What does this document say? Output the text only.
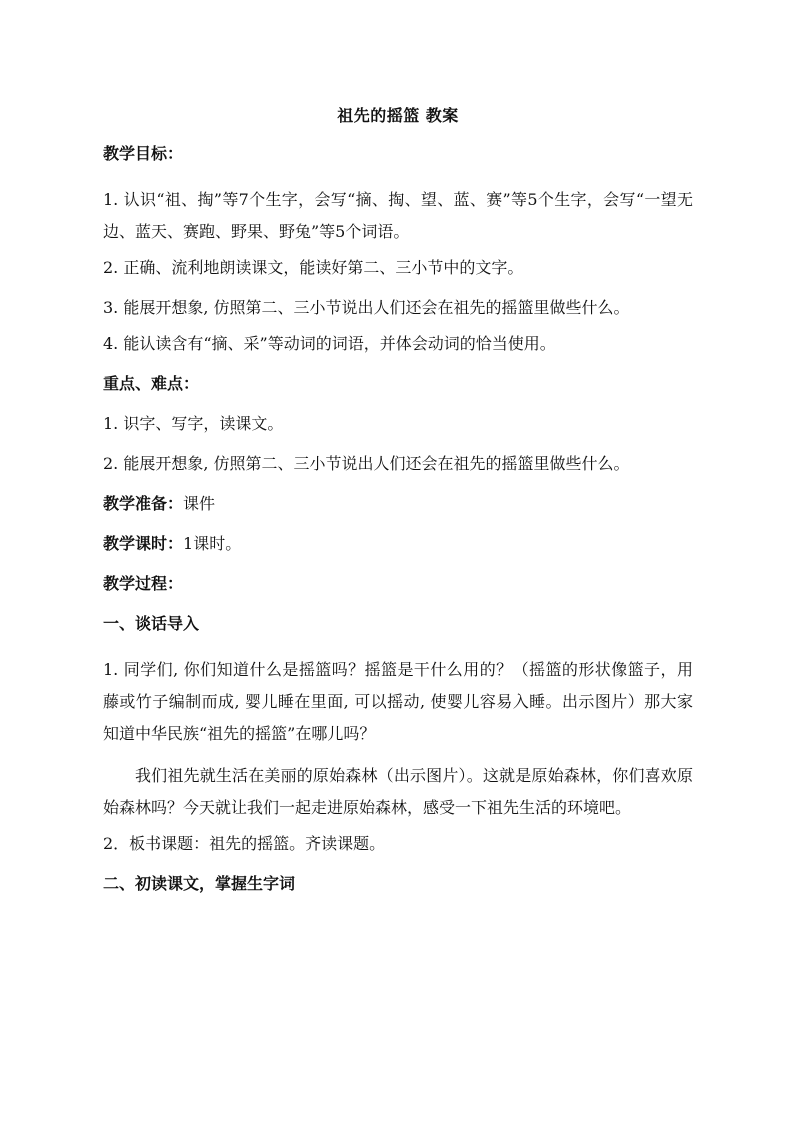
祖先的摇篮 教案
教学目标：
1. 认识“祖、掏”等7个生字，会写“摘、掏、望、蓝、赛”等5个生字，会写“一望无边、蓝天、赛跑、野果、野兔”等5个词语。
2. 正确、流利地朗读课文，能读好第二、三小节中的文字。
3. 能展开想象, 仿照第二、三小节说出人们还会在祖先的摇篮里做些什么。
4. 能认读含有“摘、采”等动词的词语，并体会动词的恰当使用。
重点、难点：
1. 识字、写字，读课文。
2. 能展开想象, 仿照第二、三小节说出人们还会在祖先的摇篮里做些什么。
教学准备：课件
教学课时：1课时。
教学过程：
一、谈话导入
1. 同学们, 你们知道什么是摇篮吗？摇篮是干什么用的？（摇篮的形状像篮子，用藤或竹子编制而成, 婴儿睡在里面, 可以摇动, 使婴儿容易入睡。出示图片）那大家知道中华民族“祖先的摇篮”在哪儿吗？
我们祖先就生活在美丽的原始森林（出示图片）。这就是原始森林，你们喜欢原始森林吗？今天就让我们一起走进原始森林，感受一下祖先生活的环境吧。
2．板书课题：祖先的摇篮。齐读课题。
二、初读课文，掌握生字词
